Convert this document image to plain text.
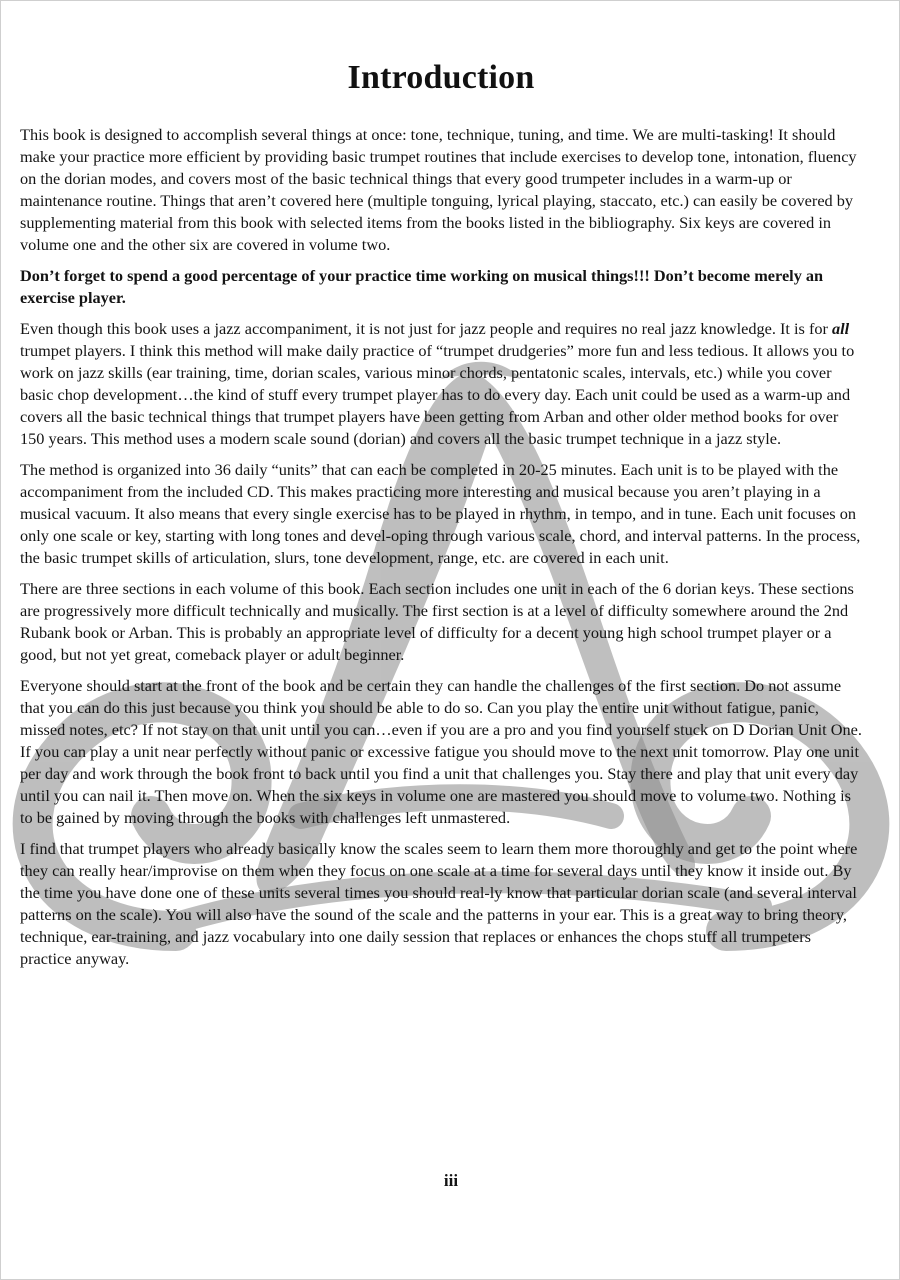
Introduction

This book is designed to accomplish several things at once: tone, technique, tuning, and time. We are multi-tasking! It should make your practice more efficient by providing basic trumpet routines that include exercises to develop tone, intonation, fluency on the dorian modes, and covers most of the basic technical things that every good trumpeter includes in a warm-up or maintenance routine. Things that aren’t covered here (multiple tonguing, lyrical playing, staccato, etc.) can easily be covered by supplementing material from this book with selected items from the books listed in the bibliography. Six keys are covered in volume one and the other six are covered in volume two.

Don’t forget to spend a good percentage of your practice time working on musical things!!! Don’t become merely an exercise player.

Even though this book uses a jazz accompaniment, it is not just for jazz people and requires no real jazz knowledge. It is for all trumpet players. I think this method will make daily practice of “trumpet drudgeries” more fun and less tedious. It allows you to work on jazz skills (ear training, time, dorian scales, various minor chords, pentatonic scales, intervals, etc.) while you cover basic chop development…the kind of stuff every trumpet player has to do every day. Each unit could be used as a warm-up and covers all the basic technical things that trumpet players have been getting from Arban and other older method books for over 150 years. This method uses a modern scale sound (dorian) and covers all the basic trumpet technique in a jazz style.

The method is organized into 36 daily “units” that can each be completed in 20-25 minutes. Each unit is to be played with the accompaniment from the included CD. This makes practicing more interesting and musical because you aren’t playing in a musical vacuum. It also means that every single exercise has to be played in rhythm, in tempo, and in tune. Each unit focuses on only one scale or key, starting with long tones and devel-oping through various scale, chord, and interval patterns. In the process, the basic trumpet skills of articulation, slurs, tone development, range, etc. are covered in each unit.

There are three sections in each volume of this book. Each section includes one unit in each of the 6 dorian keys. These sections are progressively more difficult technically and musically. The first section is at a level of difficulty somewhere around the 2nd Rubank book or Arban. This is probably an appropriate level of difficulty for a decent young high school trumpet player or a good, but not yet great, comeback player or adult beginner.

Everyone should start at the front of the book and be certain they can handle the challenges of the first section. Do not assume that you can do this just because you think you should be able to do so. Can you play the entire unit without fatigue, panic, missed notes, etc? If not stay on that unit until you can…even if you are a pro and you find yourself stuck on D Dorian Unit One. If you can play a unit near perfectly without panic or excessive fatigue you should move to the next unit tomorrow. Play one unit per day and work through the book front to back until you find a unit that challenges you. Stay there and play that unit every day until you can nail it. Then move on. When the six keys in volume one are mastered you should move to volume two. Nothing is to be gained by moving through the books with challenges left unmastered.

I find that trumpet players who already basically know the scales seem to learn them more thoroughly and get to the point where they can really hear/improvise on them when they focus on one scale at a time for several days until they know it inside out. By the time you have done one of these units several times you should real-ly know that particular dorian scale (and several interval patterns on the scale). You will also have the sound of the scale and the patterns in your ear. This is a great way to bring theory, technique, ear-training, and jazz vocabulary into one daily session that replaces or enhances the chops stuff all trumpeters practice anyway.

iii
